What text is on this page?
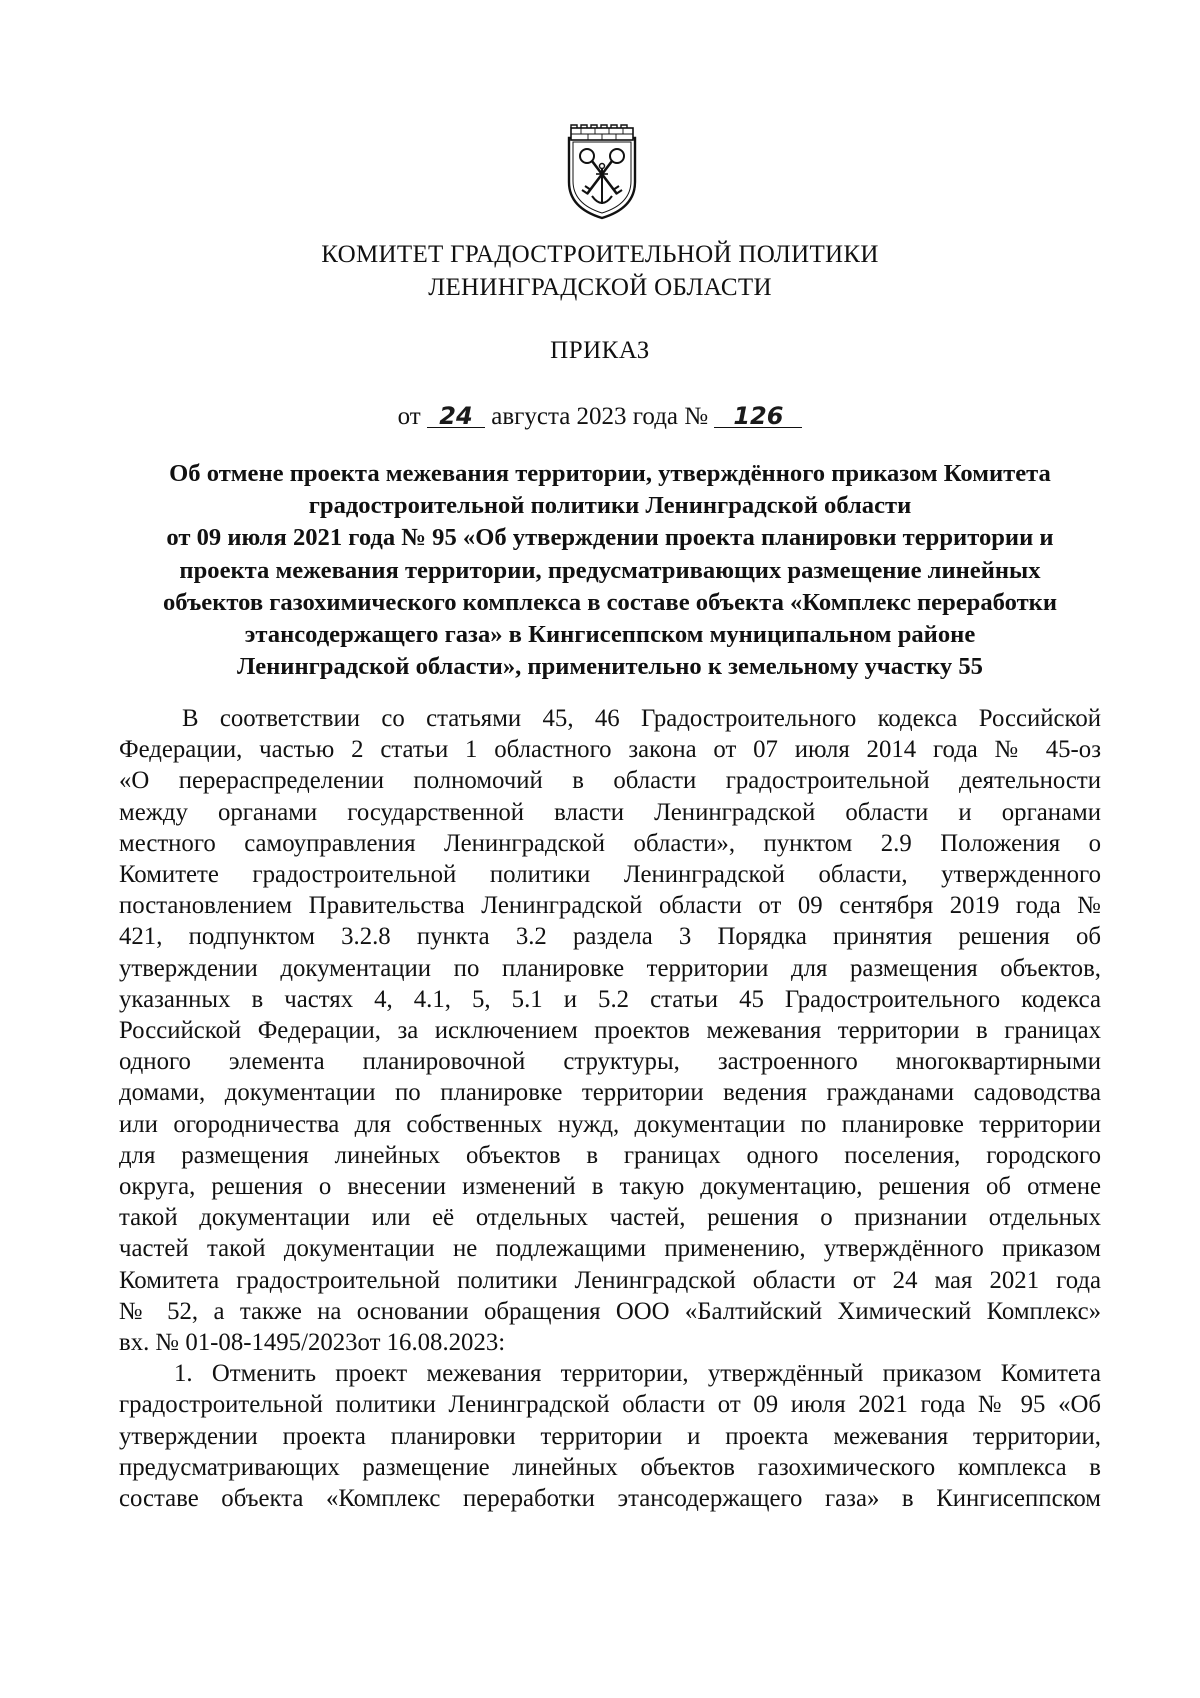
КОМИТЕТ ГРАДОСТРОИТЕЛЬНОЙ ПОЛИТИКИ
ЛЕНИНГРАДСКОЙ ОБЛАСТИ
ПРИКАЗ
от 24 августа 2023 года № 126
Об отмене проекта межевания территории, утверждённого приказом Комитета
градостроительной политики Ленинградской области
от 09 июля 2021 года № 95 «Об утверждении проекта планировки территории и
проекта межевания территории, предусматривающих размещение линейных
объектов газохимического комплекса в составе объекта «Комплекс переработки
этансодержащего газа» в Кингисеппском муниципальном районе
Ленинградской области», применительно к земельному участку 55
В соответствии со статьями 45, 46 Градостроительного кодекса Российской
Федерации, частью 2 статьи 1 областного закона от 07 июля 2014 года № 45-оз
«О перераспределении полномочий в области градостроительной деятельности
между органами государственной власти Ленинградской области и органами
местного самоуправления Ленинградской области», пунктом 2.9 Положения о
Комитете градостроительной политики Ленинградской области, утвержденного
постановлением Правительства Ленинградской области от 09 сентября 2019 года №
421, подпунктом 3.2.8 пункта 3.2 раздела 3 Порядка принятия решения об
утверждении документации по планировке территории для размещения объектов,
указанных в частях 4, 4.1, 5, 5.1 и 5.2 статьи 45 Градостроительного кодекса
Российской Федерации, за исключением проектов межевания территории в границах
одного элемента планировочной структуры, застроенного многоквартирными
домами, документации по планировке территории ведения гражданами садоводства
или огородничества для собственных нужд, документации по планировке территории
для размещения линейных объектов в границах одного поселения, городского
округа, решения о внесении изменений в такую документацию, решения об отмене
такой документации или её отдельных частей, решения о признании отдельных
частей такой документации не подлежащими применению, утверждённого приказом
Комитета градостроительной политики Ленинградской области от 24 мая 2021 года
№ 52, а также на основании обращения ООО «Балтийский Химический Комплекс»
вх. № 01-08-1495/2023от 16.08.2023:
1. Отменить проект межевания территории, утверждённый приказом Комитета
градостроительной политики Ленинградской области от 09 июля 2021 года № 95 «Об
утверждении проекта планировки территории и проекта межевания территории,
предусматривающих размещение линейных объектов газохимического комплекса в
составе объекта «Комплекс переработки этансодержащего газа» в Кингисеппском
